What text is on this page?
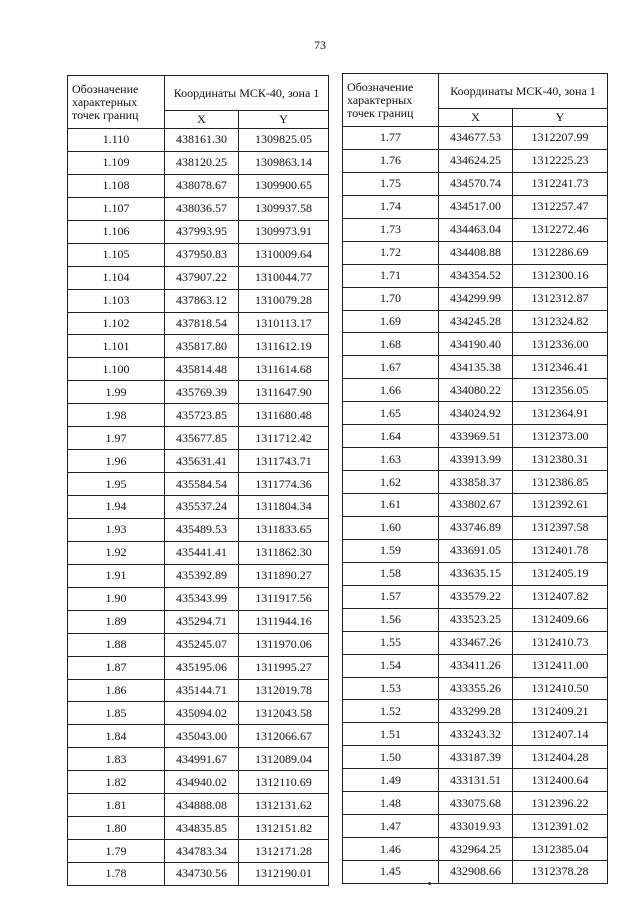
73
Обозначение характерных точек границ	Координаты МСК-40, зона 1	
	X	Y
1.110	438161.30	1309825.05
1.109	438120.25	1309863.14
1.108	438078.67	1309900.65
1.107	438036.57	1309937.58
1.106	437993.95	1309973.91
1.105	437950.83	1310009.64
1.104	437907.22	1310044.77
1.103	437863.12	1310079.28
1.102	437818.54	1310113.17
1.101	435817.80	1311612.19
1.100	435814.48	1311614.68
1.99	435769.39	1311647.90
1.98	435723.85	1311680.48
1.97	435677.85	1311712.42
1.96	435631.41	1311743.71
1.95	435584.54	1311774.36
1.94	435537.24	1311804.34
1.93	435489.53	1311833.65
1.92	435441.41	1311862.30
1.91	435392.89	1311890.27
1.90	435343.99	1311917.56
1.89	435294.71	1311944.16
1.88	435245.07	1311970.06
1.87	435195.06	1311995.27
1.86	435144.71	1312019.78
1.85	435094.02	1312043.58
1.84	435043.00	1312066.67
1.83	434991.67	1312089.04
1.82	434940.02	1312110.69
1.81	434888.08	1312131.62
1.80	434835.85	1312151.82
1.79	434783.34	1312171.28
1.78	434730.56	1312190.01
Обозначение характерных точек границ	Координаты МСК-40, зона 1	
	X	Y
1.77	434677.53	1312207.99
1.76	434624.25	1312225.23
1.75	434570.74	1312241.73
1.74	434517.00	1312257.47
1.73	434463.04	1312272.46
1.72	434408.88	1312286.69
1.71	434354.52	1312300.16
1.70	434299.99	1312312.87
1.69	434245.28	1312324.82
1.68	434190.40	1312336.00
1.67	434135.38	1312346.41
1.66	434080.22	1312356.05
1.65	434024.92	1312364.91
1.64	433969.51	1312373.00
1.63	433913.99	1312380.31
1.62	433858.37	1312386.85
1.61	433802.67	1312392.61
1.60	433746.89	1312397.58
1.59	433691.05	1312401.78
1.58	433635.15	1312405.19
1.57	433579.22	1312407.82
1.56	433523.25	1312409.66
1.55	433467.26	1312410.73
1.54	433411.26	1312411.00
1.53	433355.26	1312410.50
1.52	433299.28	1312409.21
1.51	433243.32	1312407.14
1.50	433187.39	1312404.28
1.49	433131.51	1312400.64
1.48	433075.68	1312396.22
1.47	433019.93	1312391.02
1.46	432964.25	1312385.04
1.45	432908.66	1312378.28
